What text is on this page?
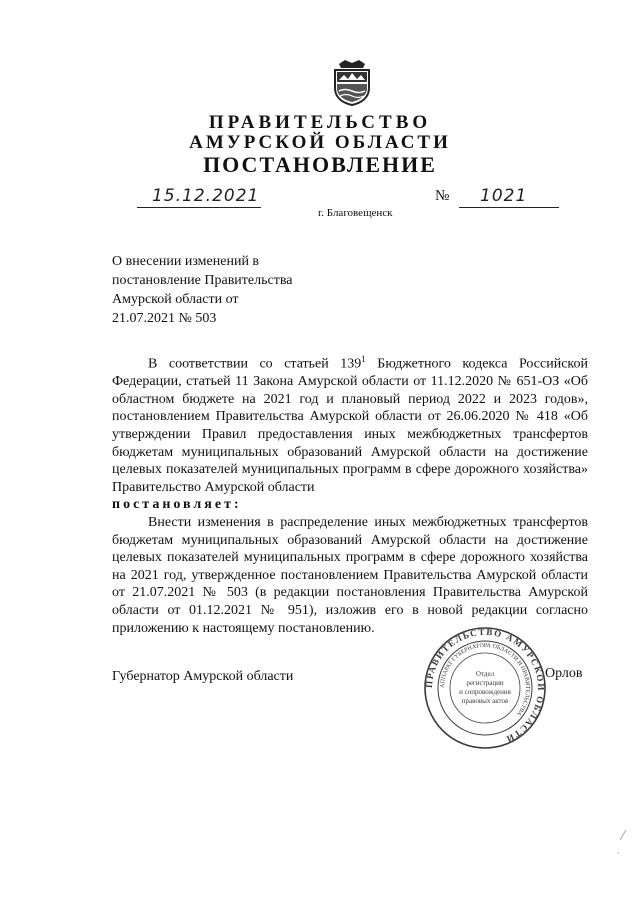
ПРАВИТЕЛЬСТВО
АМУРСКОЙ ОБЛАСТИ
ПОСТАНОВЛЕНИЕ
15.12.2021	№ 1021
г. Благовещенск
О внесении изменений в
постановление Правительства
Амурской области от
21.07.2021 № 503

В соответствии со статьей $139^1$ Бюджетного кодекса Российской Федерации, статьей 11 Закона Амурской области от 11.12.2020 № 651-ОЗ «Об областном бюджете на 2021 год и плановый период 2022 и 2023 годов», постановлением Правительства Амурской области от 26.06.2020 № 418 «Об утверждении Правил предоставления иных межбюджетных трансфертов бюджетам муниципальных образований Амурской области на достижение целевых показателей муниципальных программ в сфере дорожного хозяйства» Правительство Амурской области

постановляет:

Внести изменения в распределение иных межбюджетных трансфертов бюджетам муниципальных образований Амурской области на достижение целевых показателей муниципальных программ в сфере дорожного хозяйства на 2021 год, утвержденное постановлением Правительства Амурской области от 21.07.2021 № 503 (в редакции постановления Правительства Амурской области от 01.12.2021 № 951), изложив его в новой редакции согласно приложению к настоящему постановлению.

Губернатор Амурской области	Орлов
ПРАВИТЕЛЬСТВО АМУРСКОЙ ОБЛАСТИ
АППАРАТ ГУБЕРНАТОРА ОБЛАСТИ И ПРАВИТЕЛЬСТВА
Отдел
регистрации
и сопровождения
правовых актов
